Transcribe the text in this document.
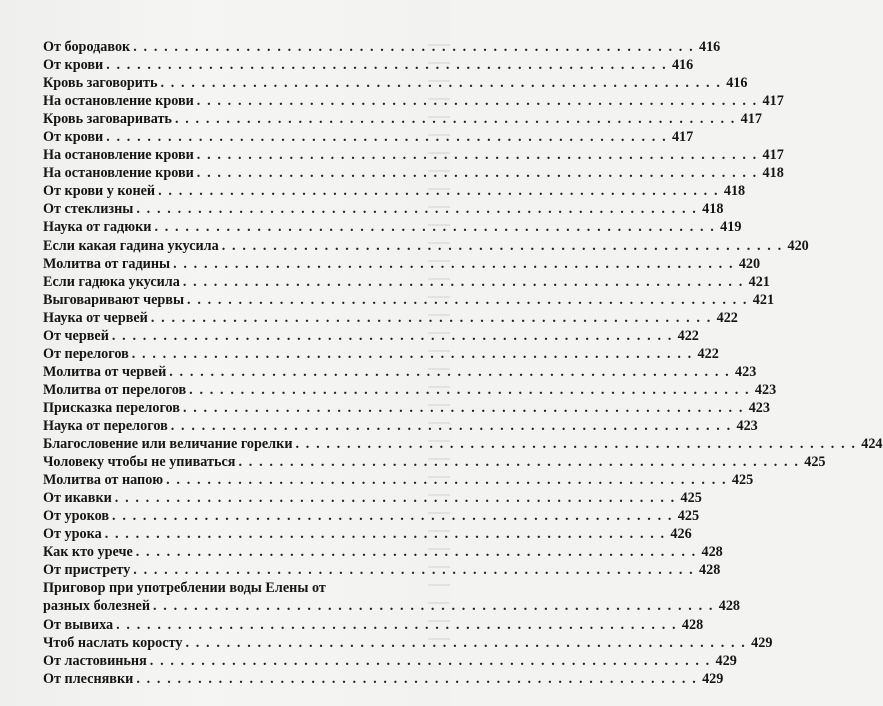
От бородавок . . . . . . . . . . . . . . . . . . . . . . . . . . . . . . . . . . . . . . . . . . . . . . . . . . . . . . . 416
От крови . . . . . . . . . . . . . . . . . . . . . . . . . . . . . . . . . . . . . . . . . . . . . . . . . . . . . . . 416
Кровь заговорить . . . . . . . . . . . . . . . . . . . . . . . . . . . . . . . . . . . . . . . . . . . . . . . . . . . . . . . 416
На остановление крови . . . . . . . . . . . . . . . . . . . . . . . . . . . . . . . . . . . . . . . . . . . . . . . . . . . . . . . 417
Кровь заговаривать . . . . . . . . . . . . . . . . . . . . . . . . . . . . . . . . . . . . . . . . . . . . . . . . . . . . . . . 417
От крови . . . . . . . . . . . . . . . . . . . . . . . . . . . . . . . . . . . . . . . . . . . . . . . . . . . . . . . 417
На остановление крови . . . . . . . . . . . . . . . . . . . . . . . . . . . . . . . . . . . . . . . . . . . . . . . . . . . . . . . 417
На остановление крови . . . . . . . . . . . . . . . . . . . . . . . . . . . . . . . . . . . . . . . . . . . . . . . . . . . . . . . 418
От крови у коней . . . . . . . . . . . . . . . . . . . . . . . . . . . . . . . . . . . . . . . . . . . . . . . . . . . . . . . 418
От стеклизны . . . . . . . . . . . . . . . . . . . . . . . . . . . . . . . . . . . . . . . . . . . . . . . . . . . . . . . 418
Наука от гадюки . . . . . . . . . . . . . . . . . . . . . . . . . . . . . . . . . . . . . . . . . . . . . . . . . . . . . . . 419
Если какая гадина укусила . . . . . . . . . . . . . . . . . . . . . . . . . . . . . . . . . . . . . . . . . . . . . . . . . . . . . . . 420
Молитва от гадины . . . . . . . . . . . . . . . . . . . . . . . . . . . . . . . . . . . . . . . . . . . . . . . . . . . . . . . 420
Если гадюка укусила . . . . . . . . . . . . . . . . . . . . . . . . . . . . . . . . . . . . . . . . . . . . . . . . . . . . . . . 421
Выговаривают червы . . . . . . . . . . . . . . . . . . . . . . . . . . . . . . . . . . . . . . . . . . . . . . . . . . . . . . . 421
Наука от червей . . . . . . . . . . . . . . . . . . . . . . . . . . . . . . . . . . . . . . . . . . . . . . . . . . . . . . . 422
От червей . . . . . . . . . . . . . . . . . . . . . . . . . . . . . . . . . . . . . . . . . . . . . . . . . . . . . . . 422
От перелогов . . . . . . . . . . . . . . . . . . . . . . . . . . . . . . . . . . . . . . . . . . . . . . . . . . . . . . . 422
Молитва от червей . . . . . . . . . . . . . . . . . . . . . . . . . . . . . . . . . . . . . . . . . . . . . . . . . . . . . . . 423
Молитва от перелогов . . . . . . . . . . . . . . . . . . . . . . . . . . . . . . . . . . . . . . . . . . . . . . . . . . . . . . . 423
Присказка перелогов . . . . . . . . . . . . . . . . . . . . . . . . . . . . . . . . . . . . . . . . . . . . . . . . . . . . . . . 423
Наука от перелогов . . . . . . . . . . . . . . . . . . . . . . . . . . . . . . . . . . . . . . . . . . . . . . . . . . . . . . . 423
Благословение или величание горелки . . . . . . . . . . . . . . . . . . . . . . . . . . . . . . . . . . . . . . . . . . . . . . . . . . . . . . . 424
Чоловеку чтобы не упиваться . . . . . . . . . . . . . . . . . . . . . . . . . . . . . . . . . . . . . . . . . . . . . . . . . . . . . . . 425
Молитва от напою . . . . . . . . . . . . . . . . . . . . . . . . . . . . . . . . . . . . . . . . . . . . . . . . . . . . . . . 425
От икавки . . . . . . . . . . . . . . . . . . . . . . . . . . . . . . . . . . . . . . . . . . . . . . . . . . . . . . . 425
От уроков . . . . . . . . . . . . . . . . . . . . . . . . . . . . . . . . . . . . . . . . . . . . . . . . . . . . . . . 425
От урока . . . . . . . . . . . . . . . . . . . . . . . . . . . . . . . . . . . . . . . . . . . . . . . . . . . . . . . 426
Как кто урече . . . . . . . . . . . . . . . . . . . . . . . . . . . . . . . . . . . . . . . . . . . . . . . . . . . . . . . 428
От пристрету . . . . . . . . . . . . . . . . . . . . . . . . . . . . . . . . . . . . . . . . . . . . . . . . . . . . . . . 428
Приговор при употреблении воды Елены от
разных болезней . . . . . . . . . . . . . . . . . . . . . . . . . . . . . . . . . . . . . . . . . . . . . . . . . . . . . . . 428
От вывиха . . . . . . . . . . . . . . . . . . . . . . . . . . . . . . . . . . . . . . . . . . . . . . . . . . . . . . . 428
Чтоб наслать коросту . . . . . . . . . . . . . . . . . . . . . . . . . . . . . . . . . . . . . . . . . . . . . . . . . . . . . . . 429
От ластовиньня . . . . . . . . . . . . . . . . . . . . . . . . . . . . . . . . . . . . . . . . . . . . . . . . . . . . . . . 429
От плеснявки . . . . . . . . . . . . . . . . . . . . . . . . . . . . . . . . . . . . . . . . . . . . . . . . . . . . . . . 429
